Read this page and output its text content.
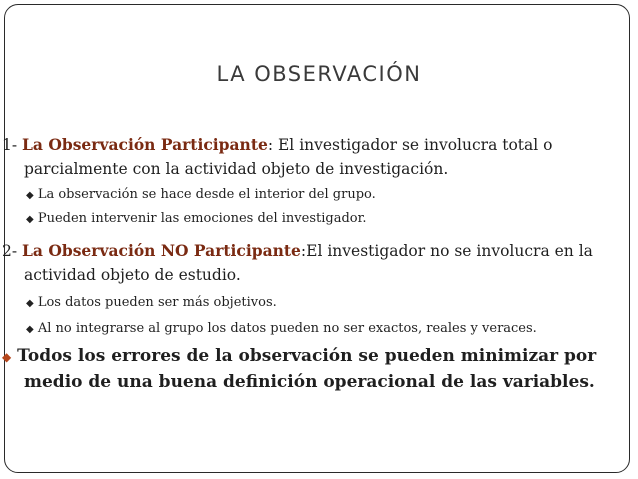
LA OBSERVACIÓN
1- La Observación Participante: El investigador se involucra total o
parcialmente con la actividad objeto de investigación.
◆ La observación se hace desde el interior del grupo.
◆ Pueden intervenir las emociones del investigador.
2- La Observación NO Participante:El investigador no se involucra en la
actividad objeto de estudio.
◆ Los datos pueden ser más objetivos.
◆ Al no integrarse al grupo los datos pueden no ser exactos, reales y veraces.
◆ Todos los errores de la observación se pueden minimizar por
medio de una buena definición operacional de las variables.
